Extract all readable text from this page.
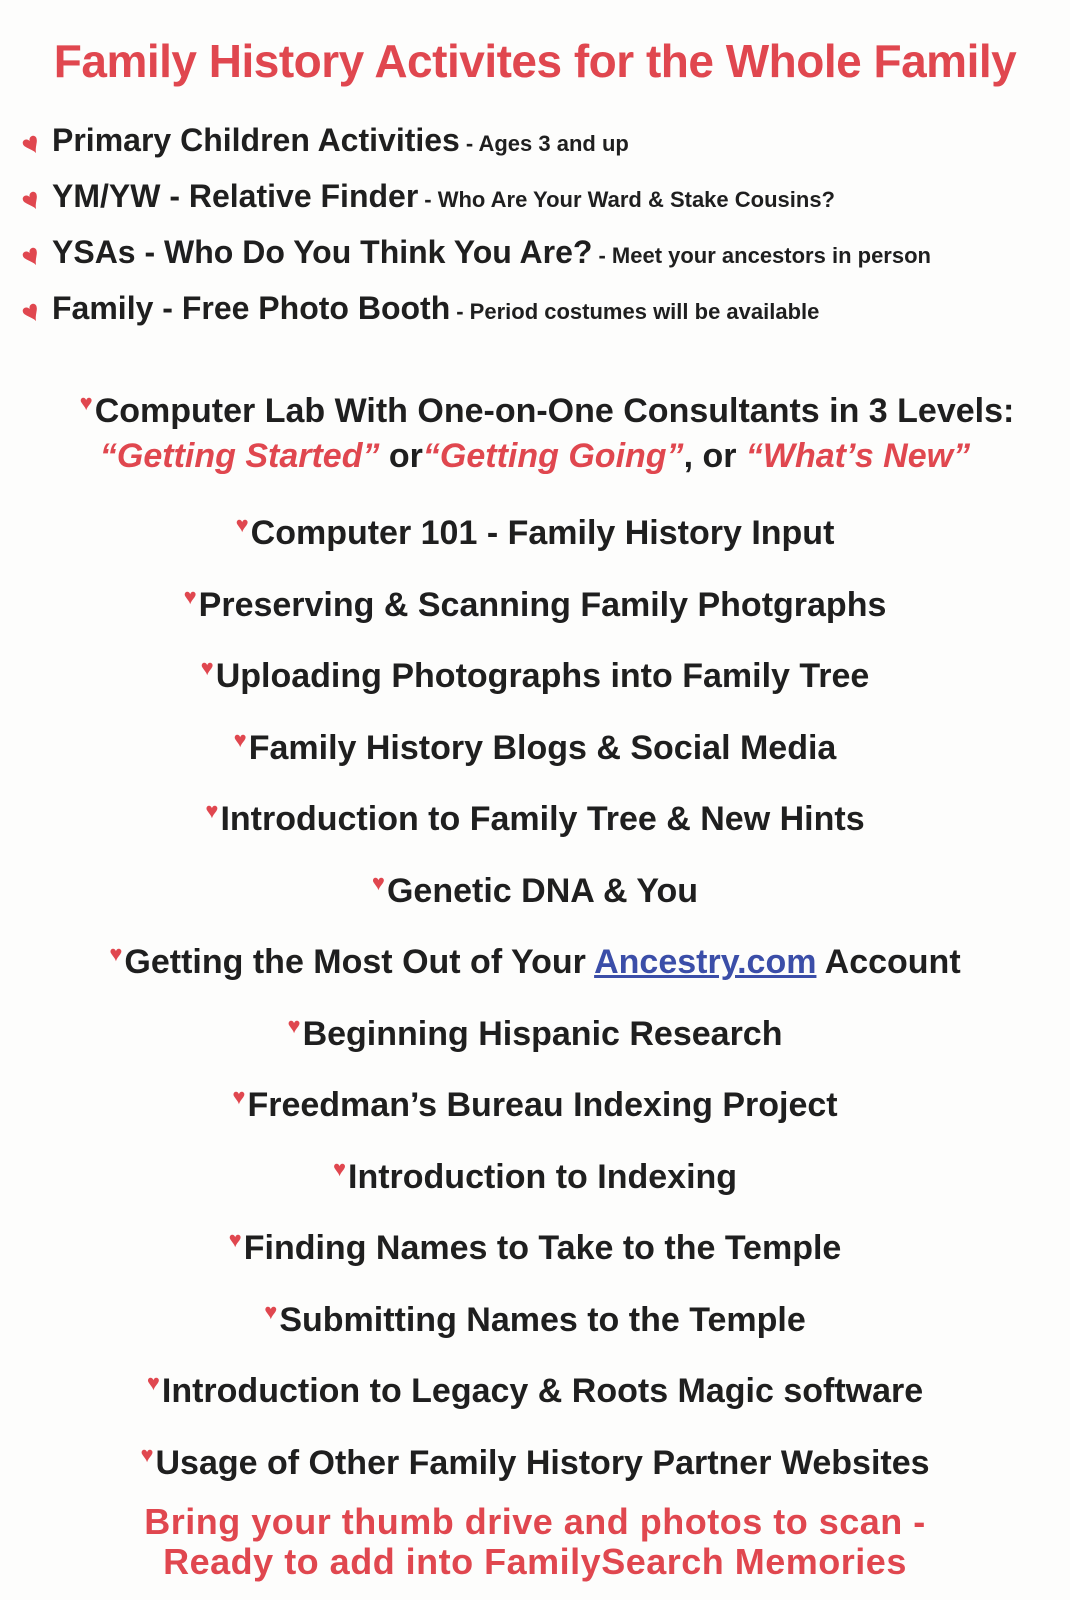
Family History Activites for the Whole Family
♥ Primary Children Activities - Ages 3 and up
♥ YM/YW - Relative Finder - Who Are Your Ward & Stake Cousins?
♥ YSAs - Who Do You Think You Are? - Meet your ancestors in person
♥ Family - Free Photo Booth - Period costumes will be available
♥Computer Lab With One-on-One Consultants in 3 Levels:
“Getting Started” or“Getting Going”, or “What’s New”
♥Computer 101 - Family History Input
♥Preserving & Scanning Family Photgraphs
♥Uploading Photographs into Family Tree
♥Family History Blogs & Social Media
♥Introduction to Family Tree & New Hints
♥Genetic DNA & You
♥Getting the Most Out of Your Ancestry.com Account
♥Beginning Hispanic Research
♥Freedman’s Bureau Indexing Project
♥Introduction to Indexing
♥Finding Names to Take to the Temple
♥Submitting Names to the Temple
♥Introduction to Legacy & Roots Magic software
♥Usage of Other Family History Partner Websites
Bring your thumb drive and photos to scan -
Ready to add into FamilySearch Memories
